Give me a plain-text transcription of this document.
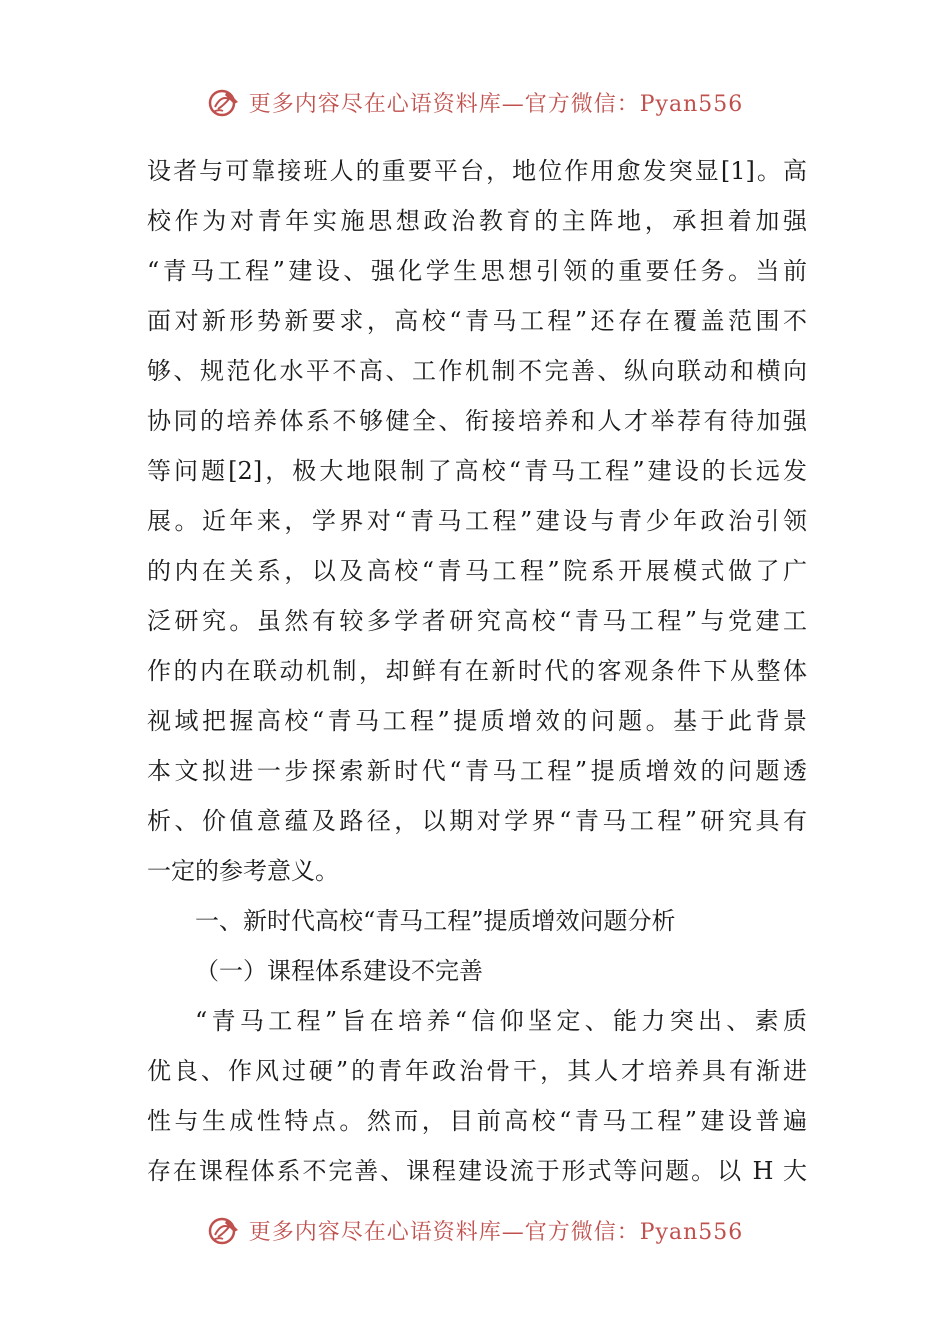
更多内容尽在心语资料库—官方微信：Pyan556
设者与可靠接班人的重要平台，地位作用愈发突显[1]。高
校作为对青年实施思想政治教育的主阵地，承担着加强
“青马工程”建设、强化学生思想引领的重要任务。当前
面对新形势新要求，高校“青马工程”还存在覆盖范围不
够、规范化水平不高、工作机制不完善、纵向联动和横向
协同的培养体系不够健全、衔接培养和人才举荐有待加强
等问题[2]，极大地限制了高校“青马工程”建设的长远发
展。近年来，学界对“青马工程”建设与青少年政治引领
的内在关系，以及高校“青马工程”院系开展模式做了广
泛研究。虽然有较多学者研究高校“青马工程”与党建工
作的内在联动机制，却鲜有在新时代的客观条件下从整体
视域把握高校“青马工程”提质增效的问题。基于此背景
本文拟进一步探索新时代“青马工程”提质增效的问题透
析、价值意蕴及路径，以期对学界“青马工程”研究具有
一定的参考意义。
一、新时代高校“青马工程”提质增效问题分析
（一）课程体系建设不完善
“青马工程”旨在培养“信仰坚定、能力突出、素质
优良、作风过硬”的青年政治骨干，其人才培养具有渐进
性与生成性特点。然而，目前高校“青马工程”建设普遍
存在课程体系不完善、课程建设流于形式等问题。以 H 大
更多内容尽在心语资料库—官方微信：Pyan556
